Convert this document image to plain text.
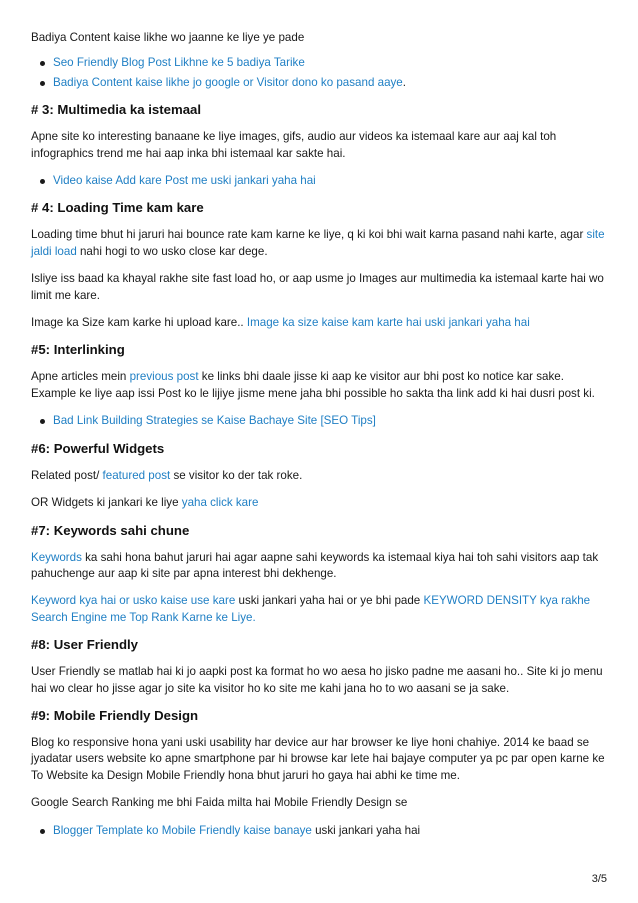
Badiya Content kaise likhe wo jaanne ke liye ye pade

Seo Friendly Blog Post Likhne ke 5 badiya Tarike
Badiya Content kaise likhe jo google or Visitor dono ko pasand aaye.
# 3: Multimedia ka istemaal

Apne site ko interesting banaane ke liye images, gifs, audio aur videos ka istemaal kare aur aaj kal toh infographics trend me hai aap inka bhi istemaal kar sakte hai.

Video kaise Add kare Post me uski jankari yaha hai
# 4: Loading Time kam kare

Loading time bhut hi jaruri hai bounce rate kam karne ke liye, q ki koi bhi wait karna pasand nahi karte, agar site jaldi load nahi hogi to wo usko close kar dege.

Isliye iss baad ka khayal rakhe site fast load ho, or aap usme jo Images aur multimedia ka istemaal karte hai wo limit me kare.

Image ka Size kam karke hi upload kare.. Image ka size kaise kam karte hai uski jankari yaha hai

#5: Interlinking

Apne articles mein previous post ke links bhi daale jisse ki aap ke visitor aur bhi post ko notice kar sake. Example ke liye aap issi Post ko le lijiye jisme mene jaha bhi possible ho sakta tha link add ki hai dusri post ki.

Bad Link Building Strategies se Kaise Bachaye Site [SEO Tips]
#6: Powerful Widgets

Related post/ featured post se visitor ko der tak roke.

OR Widgets ki jankari ke liye yaha click kare

#7: Keywords sahi chune

Keywords ka sahi hona bahut jaruri hai agar aapne sahi keywords ka istemaal kiya hai toh sahi visitors aap tak pahuchenge aur aap ki site par apna interest bhi dekhenge.

Keyword kya hai or usko kaise use kare uski jankari yaha hai or ye bhi pade KEYWORD DENSITY kya rakhe Search Engine me Top Rank Karne ke Liye.

#8: User Friendly

User Friendly se matlab hai ki jo aapki post ka format ho wo aesa ho jisko padne me aasani ho.. Site ki jo menu hai wo clear ho jisse agar jo site ka visitor ho ko site me kahi jana ho to wo aasani se ja sake.

#9: Mobile Friendly Design

Blog ko responsive hona yani uski usability har device aur har browser ke liye honi chahiye. 2014 ke baad se jyadatar users website ko apne smartphone par hi browse kar lete hai bajaye computer ya pc par open karne ke To Website ka Design Mobile Friendly hona bhut jaruri ho gaya hai abhi ke time me.

Google Search Ranking me bhi Faida milta hai Mobile Friendly Design se

Blogger Template ko Mobile Friendly kaise banaye uski jankari yaha hai
3/5
